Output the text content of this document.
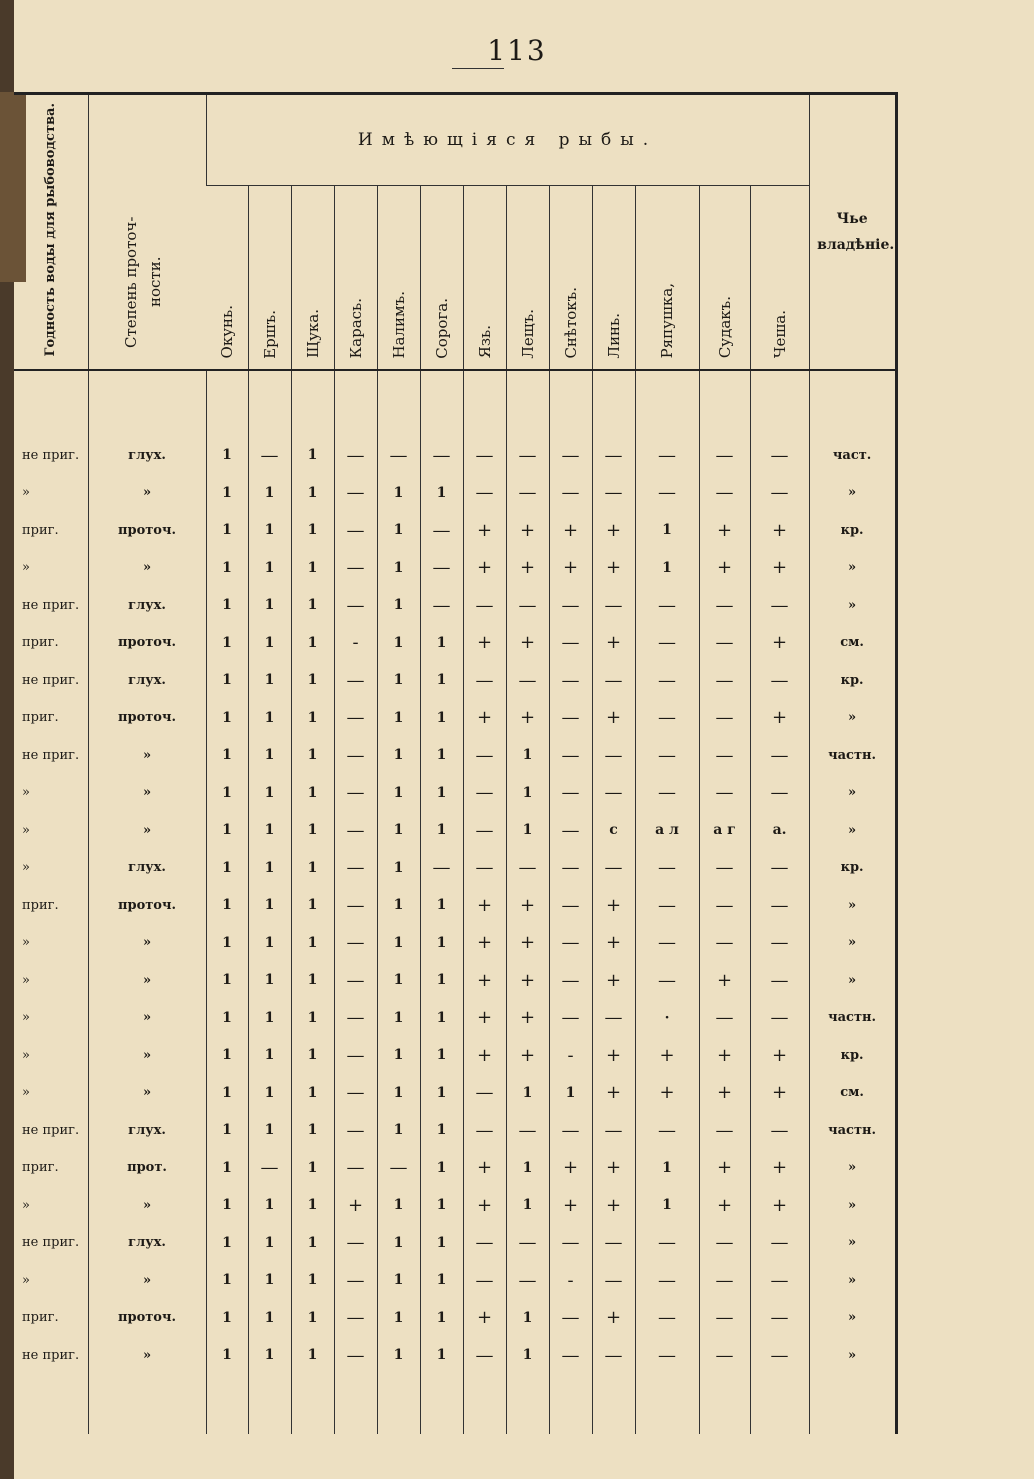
113
Годность воды для рыбоводства.	Степень проточ- ности.	Имѣющіяся рыбы.													Чье владѣніе.

		Окунь.	Ершъ.	Щука.	Карась.	Налимъ.	Сорога.	Язь.	Лещъ.	Снѣтокъ.	Линь.	Ряпушка,	Судакъ.	Чеша.	

не приг.	глух.	1	—	1	—	—	—	—	—	—	—	—	—	—	част.
»	»	1	1	1	—	1	1	—	—	—	—	—	—	—	»
приг.	проточ.	1	1	1	—	1	—	+	+	+	+	1	+	+	кр.
»	»	1	1	1	—	1	—	+	+	+	+	1	+	+	»
не приг.	глух.	1	1	1	—	1	—	—	—	—	—	—	—	—	»
приг.	проточ.	1	1	1	-	1	1	+	+	—	+	—	—	+	см.
не приг.	глух.	1	1	1	—	1	1	—	—	—	—	—	—	—	кр.
приг.	проточ.	1	1	1	—	1	1	+	+	—	+	—	—	+	»
не приг.	»	1	1	1	—	1	1	—	1	—	—	—	—	—	частн.
»	»	1	1	1	—	1	1	—	1	—	—	—	—	—	»
»	»	1	1	1	—	1	1	—	1	—	с	а л	а г	а.	»
»	глух.	1	1	1	—	1	—	—	—	—	—	—	—	—	кр.
приг.	проточ.	1	1	1	—	1	1	+	+	—	+	—	—	—	»
»	»	1	1	1	—	1	1	+	+	—	+	—	—	—	»
»	»	1	1	1	—	1	1	+	+	—	+	—	+	—	»
»	»	1	1	1	—	1	1	+	+	—	—	·	—	—	частн.
»	»	1	1	1	—	1	1	+	+	-	+	+	+	+	кр.
»	»	1	1	1	—	1	1	—	1	1	+	+	+	+	см.
не приг.	глух.	1	1	1	—	1	1	—	—	—	—	—	—	—	частн.
приг.	прот.	1	—	1	—	—	1	+	1	+	+	1	+	+	»
»	»	1	1	1	+	1	1	+	1	+	+	1	+	+	»
не приг.	глух.	1	1	1	—	1	1	—	—	—	—	—	—	—	»
»	»	1	1	1	—	1	1	—	—	-	—	—	—	—	»
приг.	проточ.	1	1	1	—	1	1	+	1	—	+	—	—	—	»
не приг.	»	1	1	1	—	1	1	—	1	—	—	—	—	—	»
